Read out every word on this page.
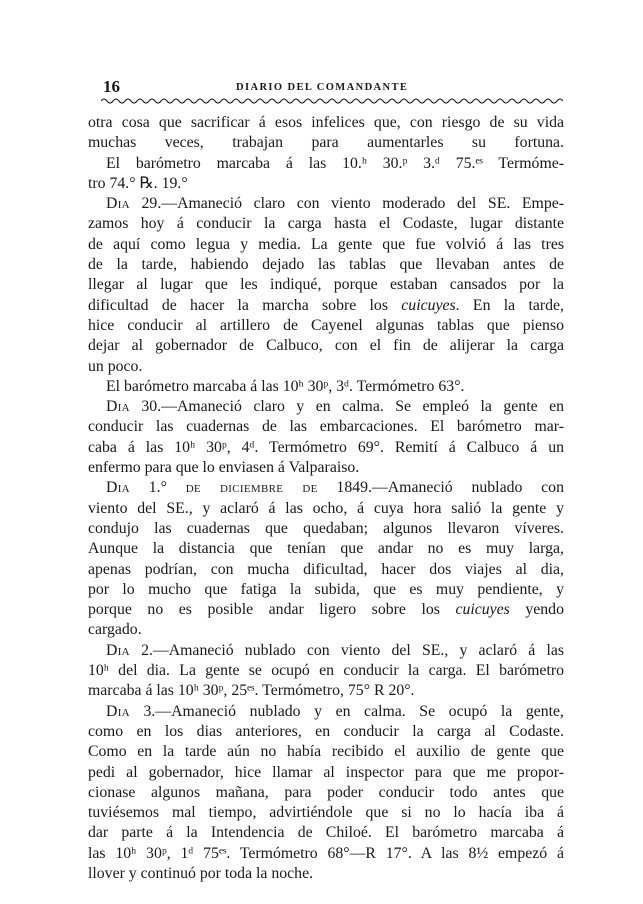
16	DIARIO DEL COMANDANTE
otra cosa que sacrificar á esos infelices que, con riesgo de su vida
muchas veces, trabajan para aumentarles su fortuna.
El barómetro marcaba á las 10.ʰ 30.ᵖ 3.ᵈ 75.ᵉˢ Termóme-
tro 74.° ℞. 19.°
Dia 29.—Amaneció claro con viento moderado del SE. Empe-
zamos hoy á conducir la carga hasta el Codaste, lugar distante
de aquí como legua y media. La gente que fue volvió á las tres
de la tarde, habiendo dejado las tablas que llevaban antes de
llegar al lugar que les indiqué, porque estaban cansados por la
dificultad de hacer la marcha sobre los cuicuyes. En la tarde,
hice conducir al artillero de Cayenel algunas tablas que pienso
dejar al gobernador de Calbuco, con el fin de alijerar la carga
un poco.
El barómetro marcaba á las 10ʰ 30ᵖ, 3ᵈ. Termómetro 63°.
Dia 30.—Amaneció claro y en calma. Se empleó la gente en
conducir las cuadernas de las embarcaciones. El barómetro mar-
caba á las 10ʰ 30ᵖ, 4ᵈ. Termómetro 69°. Remití á Calbuco á un
enfermo para que lo enviasen á Valparaiso.
Dia 1.° de diciembre de 1849.—Amaneció nublado con
viento del SE., y aclaró á las ocho, á cuya hora salió la gente y
condujo las cuadernas que quedaban; algunos llevaron víveres.
Aunque la distancia que tenían que andar no es muy larga,
apenas podrían, con mucha dificultad, hacer dos viajes al dia,
por lo mucho que fatiga la subida, que es muy pendiente, y
porque no es posible andar ligero sobre los cuicuyes yendo
cargado.
Dia 2.—Amaneció nublado con viento del SE., y aclaró á las
10ʰ del dia. La gente se ocupó en conducir la carga. El barómetro
marcaba á las 10ʰ 30ᵖ, 25ᵉˢ. Termómetro, 75° R 20°.
Dia 3.—Amaneció nublado y en calma. Se ocupó la gente,
como en los dias anteriores, en conducir la carga al Codaste.
Como en la tarde aún no había recibido el auxilio de gente que
pedi al gobernador, hice llamar al inspector para que me propor-
cionase algunos mañana, para poder conducir todo antes que
tuviésemos mal tiempo, advirtiéndole que si no lo hacía iba á
dar parte á la Intendencia de Chiloé. El barómetro marcaba á
las 10ʰ 30ᵖ, 1ᵈ 75ᵉˢ. Termómetro 68°—R 17°. A las 8½ empezó á
llover y continuó por toda la noche.
